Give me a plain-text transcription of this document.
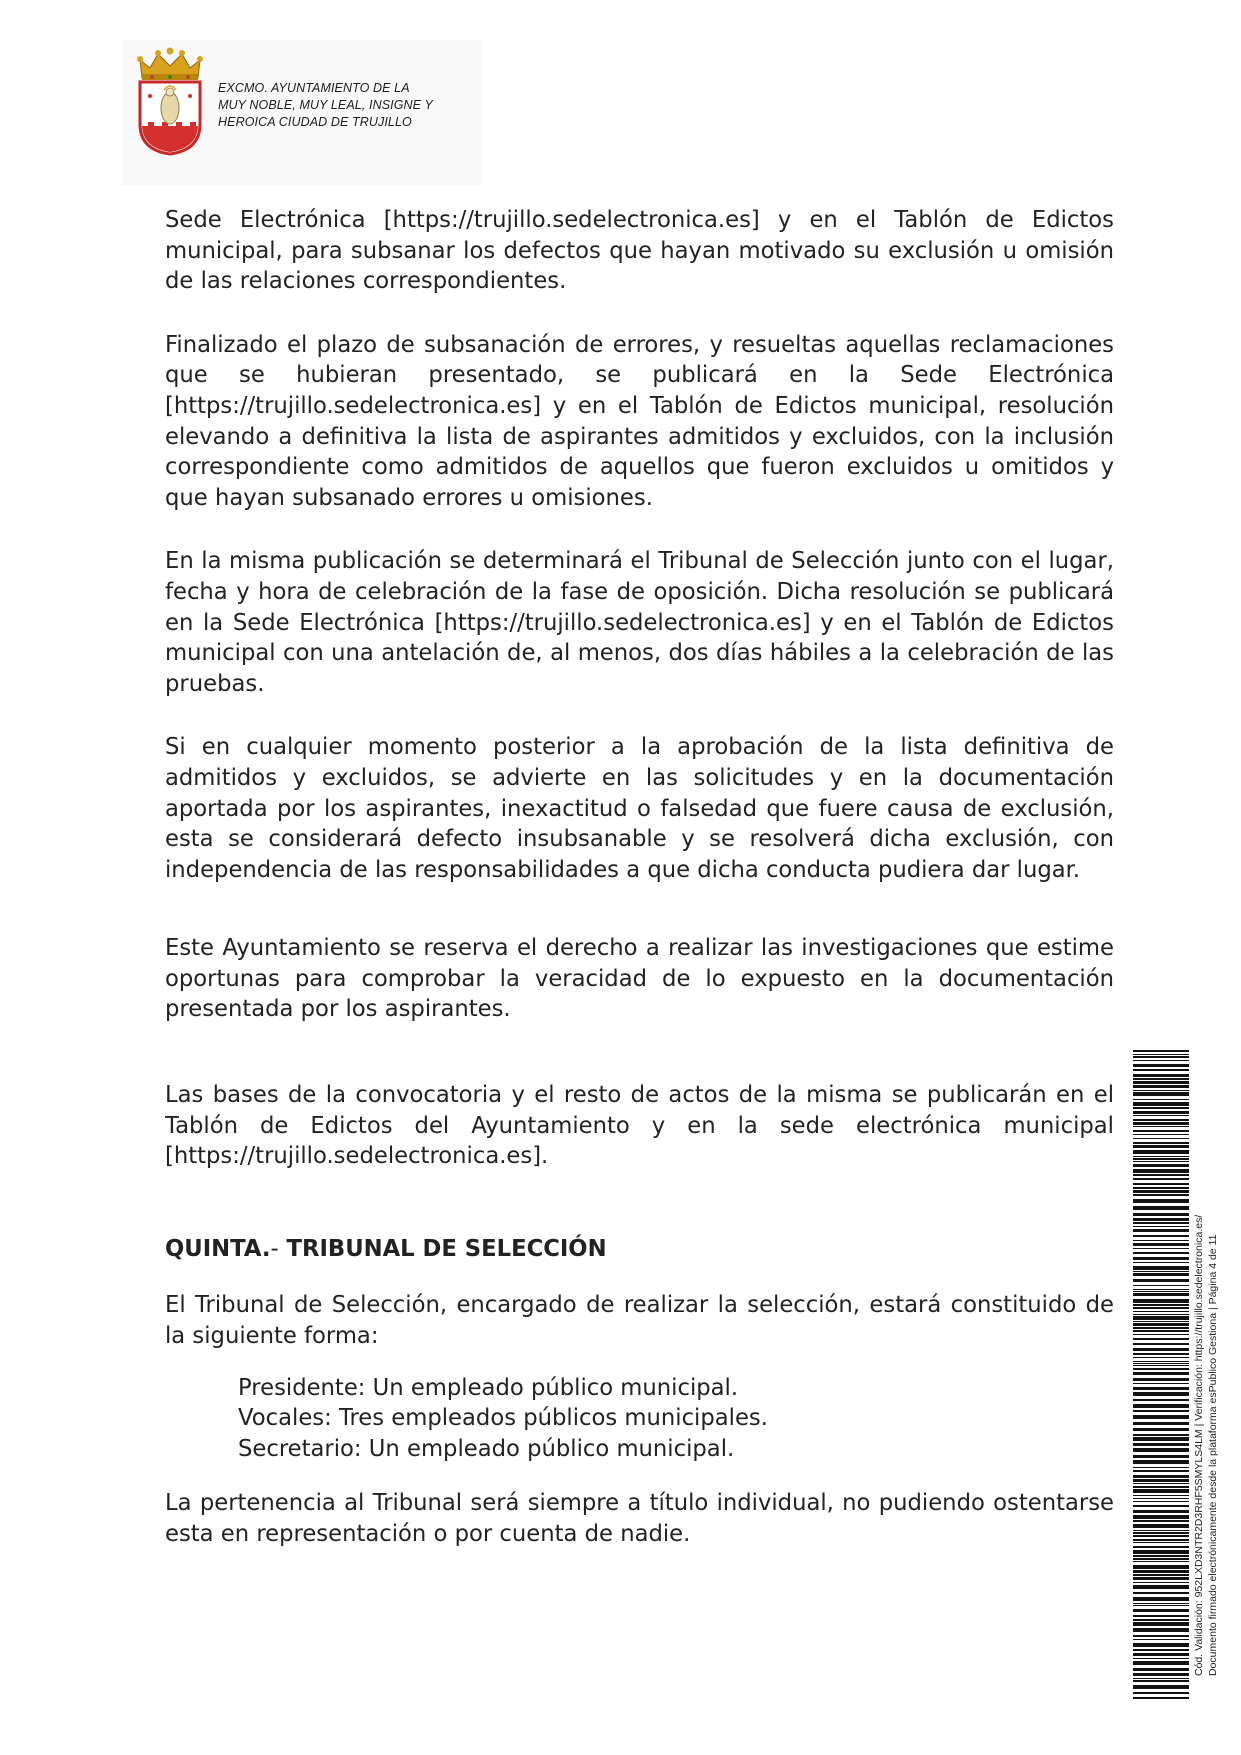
EXCMO. AYUNTAMIENTO DE LA
MUY NOBLE, MUY LEAL, INSIGNE Y
HEROICA CIUDAD DE TRUJILLO

Sede Electrónica [https://trujillo.sedelectronica.es] y en el Tablón de Edictos municipal, para subsanar los defectos que hayan motivado su exclusión u omisión de las relaciones correspondientes.

Finalizado el plazo de subsanación de errores, y resueltas aquellas reclamaciones que se hubieran presentado, se publicará en la Sede Electrónica [https://trujillo.sedelectronica.es] y en el Tablón de Edictos municipal, resolución elevando a definitiva la lista de aspirantes admitidos y excluidos, con la inclusión correspondiente como admitidos de aquellos que fueron excluidos u omitidos y que hayan subsanado errores u omisiones.

En la misma publicación se determinará el Tribunal de Selección junto con el lugar, fecha y hora de celebración de la fase de oposición. Dicha resolución se publicará en la Sede Electrónica [https://trujillo.sedelectronica.es] y en el Tablón de Edictos municipal con una antelación de, al menos, dos días hábiles a la celebración de las pruebas.

Si en cualquier momento posterior a la aprobación de la lista definitiva de admitidos y excluidos, se advierte en las solicitudes y en la documentación aportada por los aspirantes, inexactitud o falsedad que fuere causa de exclusión, esta se considerará defecto insubsanable y se resolverá dicha exclusión, con independencia de las responsabilidades a que dicha conducta pudiera dar lugar.

Este Ayuntamiento se reserva el derecho a realizar las investigaciones que estime oportunas para comprobar la veracidad de lo expuesto en la documentación presentada por los aspirantes.

Las bases de la convocatoria y el resto de actos de la misma se publicarán en el Tablón de Edictos del Ayuntamiento y en la sede electrónica municipal [https://trujillo.sedelectronica.es].

QUINTA.- TRIBUNAL DE SELECCIÓN

El Tribunal de Selección, encargado de realizar la selección, estará constituido de la siguiente forma:

Presidente: Un empleado público municipal.
Vocales: Tres empleados públicos municipales.
Secretario: Un empleado público municipal.

La pertenencia al Tribunal será siempre a título individual, no pudiendo ostentarse esta en representación o por cuenta de nadie.	Cód. Validación: 952LXD3NTR2D3RHF5SMYLS4LM | Verificación: https://trujillo.sedelectronica.es/ Documento firmado electrónicamente desde la plataforma esPublico Gestiona | Página 4 de 11
